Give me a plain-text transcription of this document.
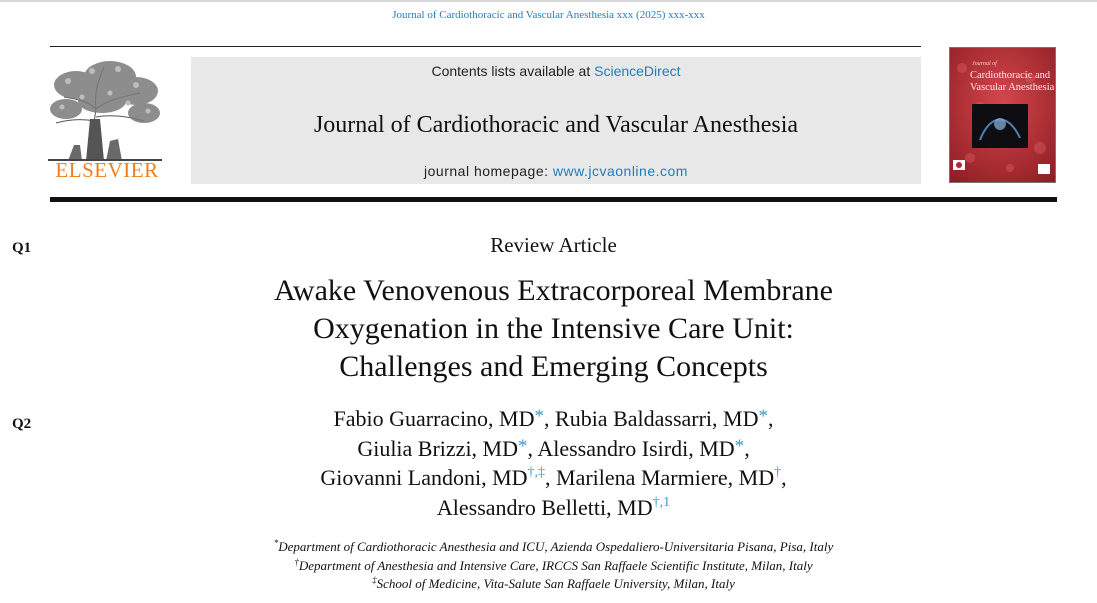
Journal of Cardiothoracic and Vascular Anesthesia xxx (2025) xxx-xxx
ELSEVIER
Contents lists available at ScienceDirect
Journal of Cardiothoracic and Vascular Anesthesia
journal homepage: www.jcvaonline.com
Journal of
Cardiothoracic and
Vascular Anesthesia
Q1
Q2
Review Article
Awake Venovenous Extracorporeal Membrane
Oxygenation in the Intensive Care Unit:
Challenges and Emerging Concepts
Fabio Guarracino, MD*, Rubia Baldassarri, MD*,
Giulia Brizzi, MD*, Alessandro Isirdi, MD*,
Giovanni Landoni, MD†,‡, Marilena Marmiere, MD†,
Alessandro Belletti, $MD^{\dagger,1}$
*Department of Cardiothoracic Anesthesia and ICU, Azienda Ospedaliero-Universitaria Pisana, Pisa, Italy
†Department of Anesthesia and Intensive Care, IRCCS San Raffaele Scientific Institute, Milan, Italy
‡School of Medicine, Vita-Salute San Raffaele University, Milan, Italy
